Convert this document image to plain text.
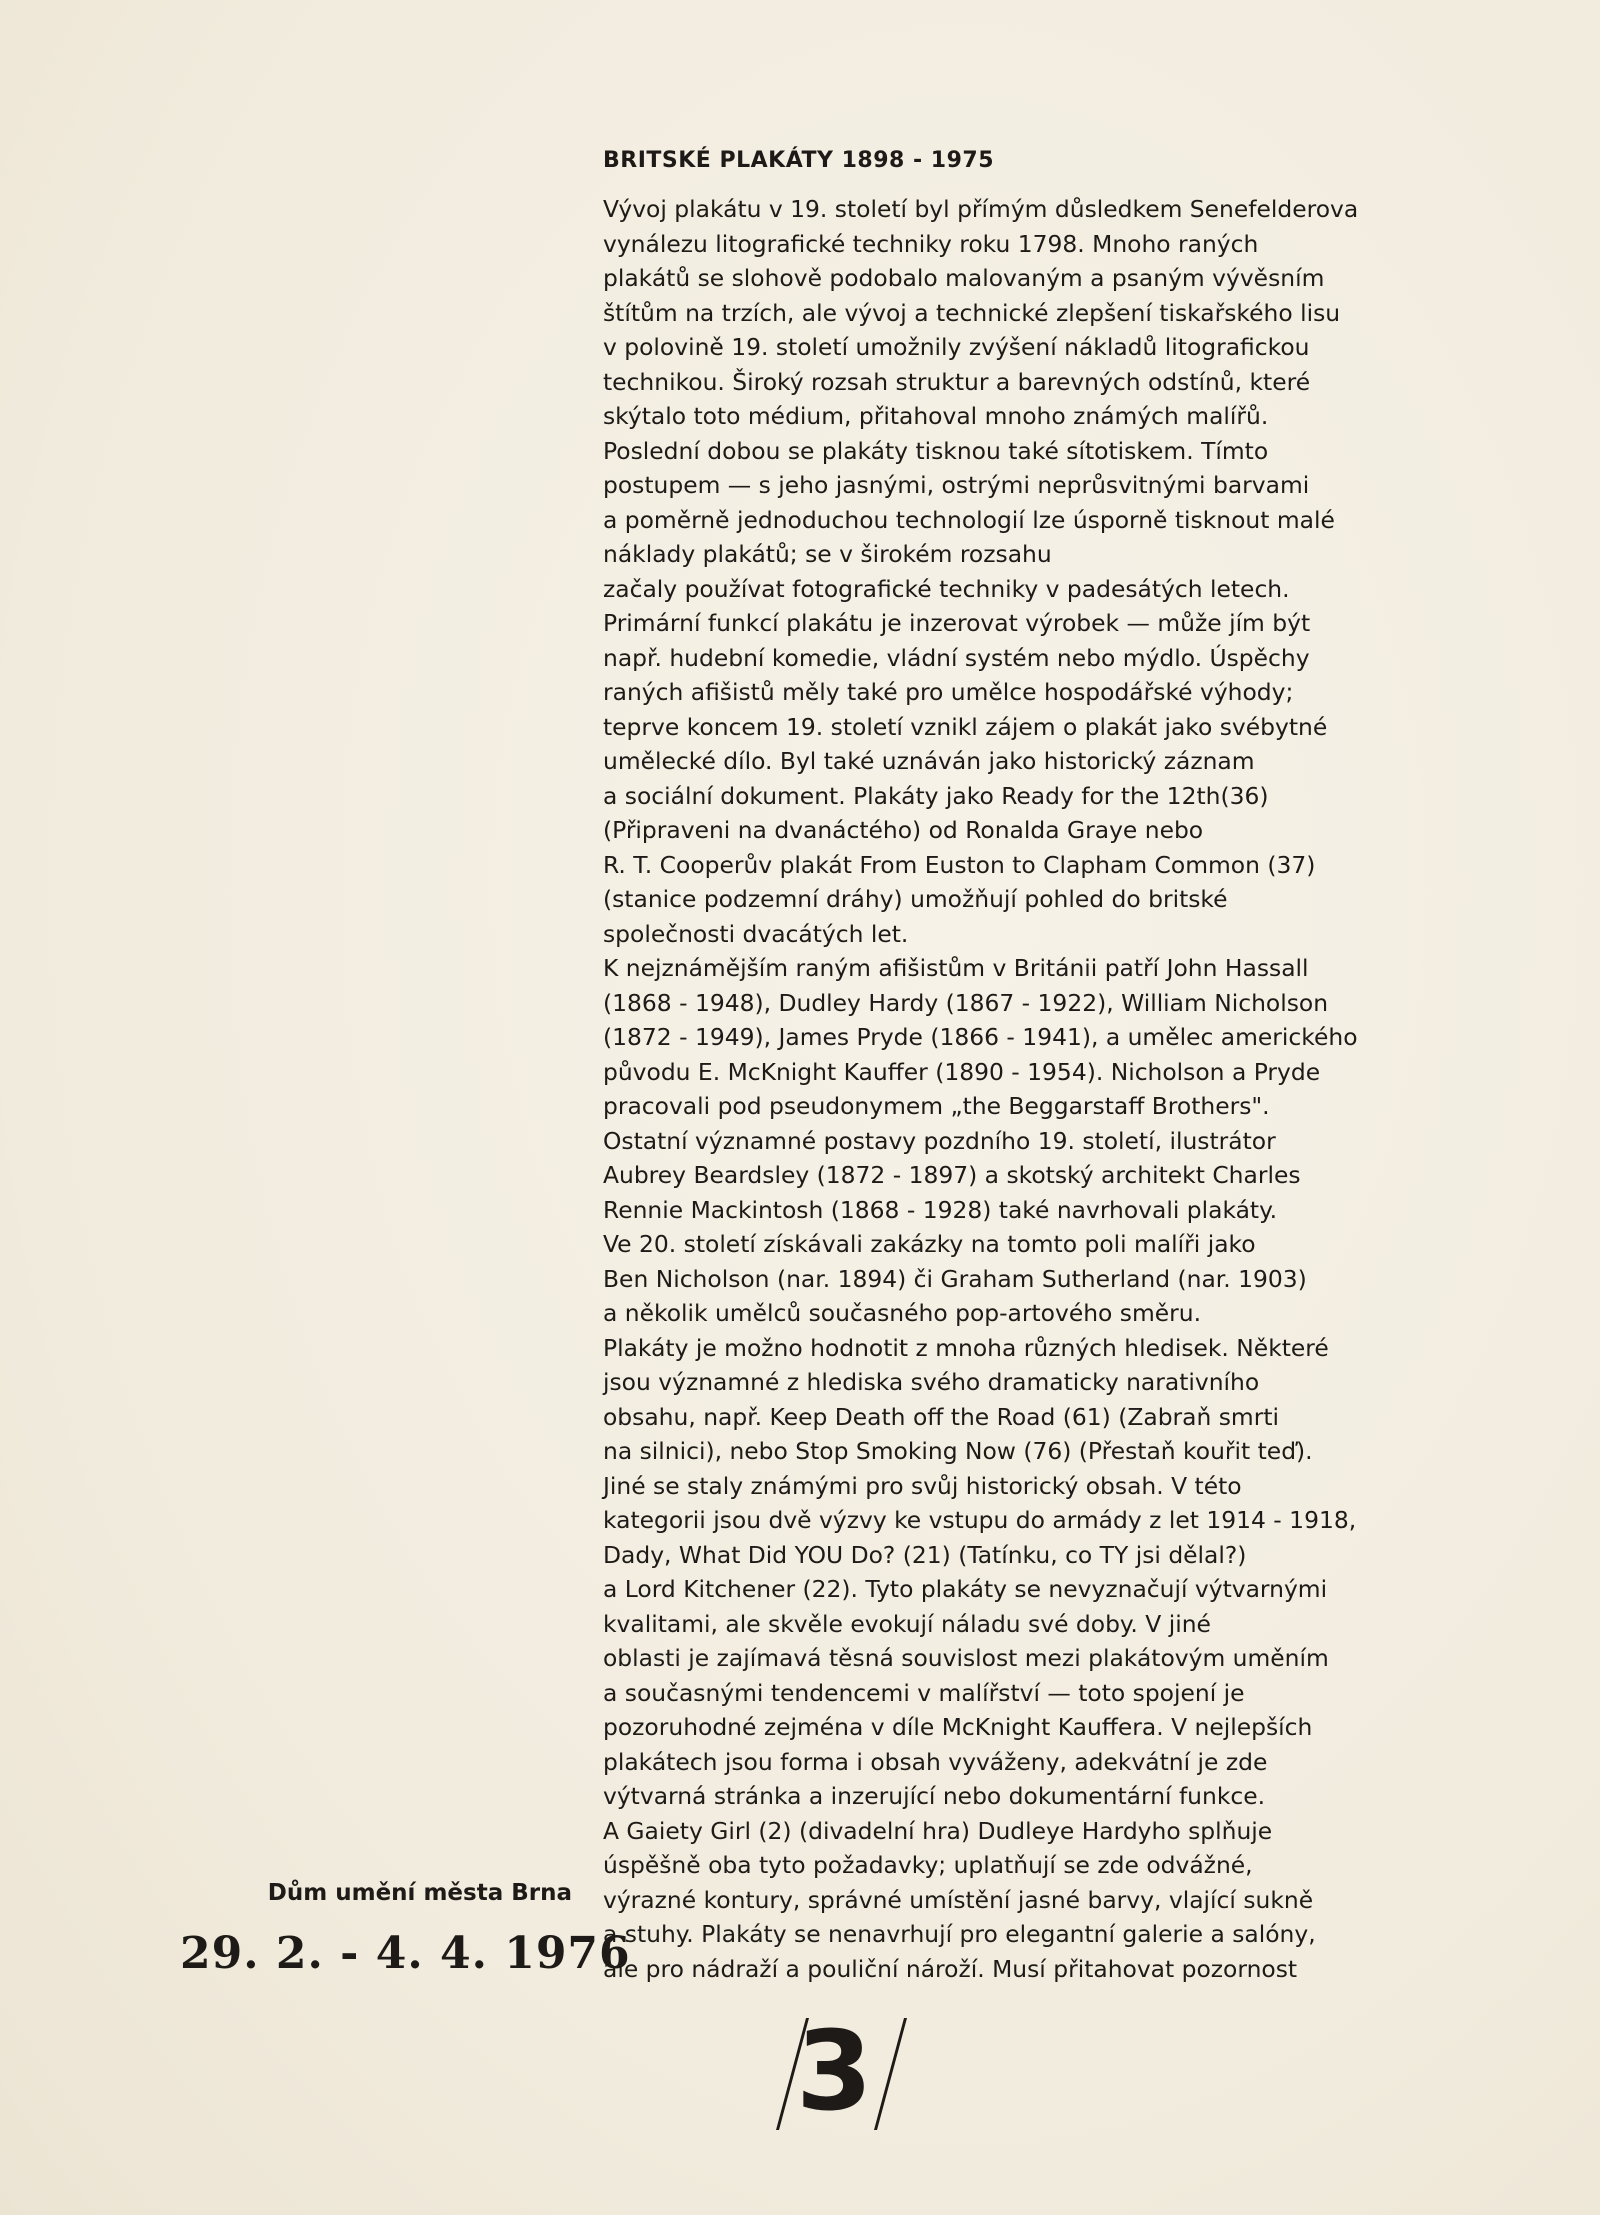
BRITSKÉ PLAKÁTY 1898 - 1975
Vývoj plakátu v 19. století byl přímým důsledkem Senefelderova
vynálezu litografické techniky roku 1798. Mnoho raných
plakátů se slohově podobalo malovaným a psaným vývěsním
štítům na trzích, ale vývoj a technické zlepšení tiskařského lisu
v polovině 19. století umožnily zvýšení nákladů litografickou
technikou. Široký rozsah struktur a barevných odstínů, které
skýtalo toto médium, přitahoval mnoho známých malířů.
Poslední dobou se plakáty tisknou také sítotiskem. Tímto
postupem — s jeho jasnými, ostrými neprůsvitnými barvami
a poměrně jednoduchou technologií lze úsporně tisknout malé
náklady plakátů; se v širokém rozsahu
začaly používat fotografické techniky v padesátých letech.
Primární funkcí plakátu je inzerovat výrobek — může jím být
např. hudební komedie, vládní systém nebo mýdlo. Úspěchy
raných afišistů měly také pro umělce hospodářské výhody;
teprve koncem 19. století vznikl zájem o plakát jako svébytné
umělecké dílo. Byl také uznáván jako historický záznam
a sociální dokument. Plakáty jako Ready for the 12th(36)
(Připraveni na dvanáctého) od Ronalda Graye nebo
R. T. Cooperův plakát From Euston to Clapham Common (37)
(stanice podzemní dráhy) umožňují pohled do britské
společnosti dvacátých let.
K nejznámějším raným afišistům v Británii patří John Hassall
(1868 - 1948), Dudley Hardy (1867 - 1922), William Nicholson
(1872 - 1949), James Pryde (1866 - 1941), a umělec amerického
původu E. McKnight Kauffer (1890 - 1954). Nicholson a Pryde
pracovali pod pseudonymem „the Beggarstaff Brothers".
Ostatní významné postavy pozdního 19. století, ilustrátor
Aubrey Beardsley (1872 - 1897) a skotský architekt Charles
Rennie Mackintosh (1868 - 1928) také navrhovali plakáty.
Ve 20. století získávali zakázky na tomto poli malíři jako
Ben Nicholson (nar. 1894) či Graham Sutherland (nar. 1903)
a několik umělců současného pop-artového směru.
Plakáty je možno hodnotit z mnoha různých hledisek. Některé
jsou významné z hlediska svého dramaticky narativního
obsahu, např. Keep Death off the Road (61) (Zabraň smrti
na silnici), nebo Stop Smoking Now (76) (Přestaň kouřit teď).
Jiné se staly známými pro svůj historický obsah. V této
kategorii jsou dvě výzvy ke vstupu do armády z let 1914 - 1918,
Dady, What Did YOU Do? (21) (Tatínku, co TY jsi dělal?)
a Lord Kitchener (22). Tyto plakáty se nevyznačují výtvarnými
kvalitami, ale skvěle evokují náladu své doby. V jiné
oblasti je zajímavá těsná souvislost mezi plakátovým uměním
a současnými tendencemi v malířství — toto spojení je
pozoruhodné zejména v díle McKnight Kauffera. V nejlepších
plakátech jsou forma i obsah vyváženy, adekvátní je zde
výtvarná stránka a inzerující nebo dokumentární funkce.
A Gaiety Girl (2) (divadelní hra) Dudleye Hardyho splňuje
úspěšně oba tyto požadavky; uplatňují se zde odvážné,
výrazné kontury, správné umístění jasné barvy, vlající sukně
a stuhy. Plakáty se nenavrhují pro elegantní galerie a salóny,
ale pro nádraží a pouliční nároží. Musí přitahovat pozornost
Dům umění města Brna
29. 2. - 4. 4. 1976
3
